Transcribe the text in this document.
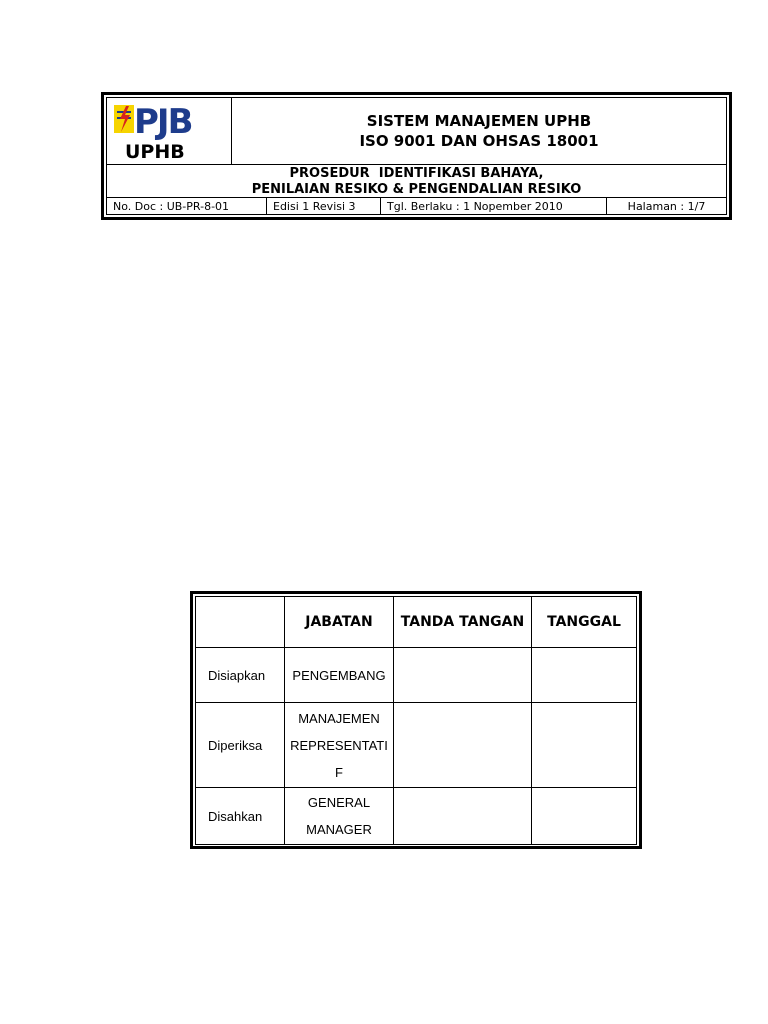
PJB
UPHB
SISTEM MANAJEMEN UPHB
ISO 9001 DAN OHSAS 18001
PROSEDUR  IDENTIFIKASI BAHAYA,
PENILAIAN RESIKO & PENGENDALIAN RESIKO
No. Doc : UB-PR-8-01	Edisi 1 Revisi 3	Tgl. Berlaku : 1 Nopember 2010	Halaman : 1/7
	JABATAN	TANDA TANGAN	TANGGAL
Disiapkan	PENGEMBANG		

Diperiksa	MANAJEMEN
REPRESENTATI
F		

Disahkan	GENERAL
MANAGER		
